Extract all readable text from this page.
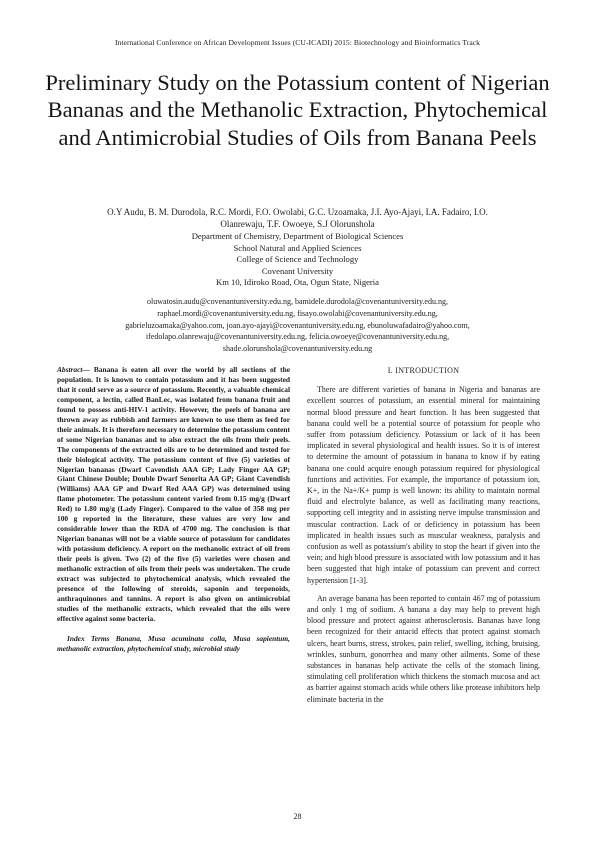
International Conference on African Development Issues (CU-ICADI) 2015: Biotechnology and Bioinformatics Track
Preliminary Study on the Potassium content of Nigerian Bananas and the Methanolic Extraction, Phytochemical and Antimicrobial Studies of Oils from Banana Peels
O.Y Audu, B. M. Durodola, R.C. Mordi, F.O. Owolabi, G.C. Uzoamaka, J.I. Ayo-Ajayi, I.A. Fadairo, I.O.
Olanrewaju, T.F. Owoeye, S.J Olorunshola
Department of Chemistry, Department of Biological Sciences
School Natural and Applied Sciences
College of Science and Technology
Covenant University
Km 10, Idiroko Road, Ota, Ogun State, Nigeria
oluwatosin.audu@covenantuniversity.edu.ng, bamidele.durodola@covenantuniversity.edu.ng,
raphael.mordi@covenantuniversity.edu.ng, fisayo.owolabi@covenantuniversity.edu.ng,
gabrieluzoamaka@yahoo.com, joan.ayo-ajayi@covenantuniversity.edu.ng, ebunoluwafadairo@yahoo.com,
ifedolapo.olanrewaju@covenantuniversity.edu.ng, felicia.owoeye@covenantuniversity.edu.ng,
shade.olorunshola@covenantuniversity.edu.ng

Abstract— Banana is eaten all over the world by all sections of the population. It is known to contain potassium and it has been suggested that it could serve as a source of potassium. Recently, a valuable chemical component, a lectin, called BanLec, was isolated from banana fruit and found to possess anti-HIV-1 activity. However, the peels of banana are thrown away as rubbish and farmers are known to use them as feed for their animals. It is therefore necessary to determine the potassium content of some Nigerian bananas and to also extract the oils from their peels. The components of the extracted oils are to be determined and tested for their biological activity. The potassium content of five (5) varieties of Nigerian bananas (Dwarf Cavendish AAA GP; Lady Finger AA GP; Giant Chinese Double; Double Dwarf Senorita AA GP; Giant Cavendish (Williams) AAA GP and Dwarf Red AAA GP) was determined using flame photometer. The potassium content varied from 0.15 mg/g (Dwarf Red) to 1.80 mg/g (Lady Finger). Compared to the value of 358 mg per 100 g reported in the literature, these values are very low and considerable lower than the RDA of 4700 mg. The conclusion is that Nigerian bananas will not be a viable source of potassium for candidates with potassium deficiency. A report on the methanolic extract of oil from their peels is given. Two (2) of the five (5) varieties were chosen and methanolic extraction of oils from their peels was undertaken. The crude extract was subjected to phytochemical analysis, which revealed the presence of the following of steroids, saponin and terpenoids, anthraquinones and tannins. A report is also given on antimicrobial studies of the methanolic extracts, which revealed that the oils were effective against some bacteria.

Index Terms Banana, Musa acuminata colla, Musa sapientum, methanolic extraction, phytochemical study, microbial study

I. INTRODUCTION

There are different varieties of banana in Nigeria and bananas are excellent sources of potassium, an essential mineral for maintaining normal blood pressure and heart function. It has been suggested that banana could well be a potential source of potassium for people who suffer from potassium deficiency. Potassium or lack of it has been implicated in several physiological and health issues. So it is of interest to determine the amount of potassium in banana to know if by eating banana one could acquire enough potassium required for physiological functions and activities. For example, the importance of potassium ion, K+, in the Na+/K+ pump is well known: its ability to maintain normal fluid and electrolyte balance, as well as facilitating many reactions, supporting cell integrity and in assisting nerve impulse transmission and muscular contraction. Lack of or deficiency in potassium has been implicated in health issues such as muscular weakness, paralysis and confusion as well as potassium's ability to stop the heart if given into the vein; and high blood pressure is associated with low potassium and it has been suggested that high intake of potassium can prevent and correct hypertension [1-3].

An average banana has been reported to contain 467 mg of potassium and only 1 mg of sodium. A banana a day may help to prevent high blood pressure and protect against atherosclerosis. Bananas have long been recognized for their antacid effects that protect against stomach ulcers, heart burns, stress, strokes, pain relief, swelling, itching, bruising, wrinkles, sunburn, gonorrhea and many other ailments. Some of these substances in bananas help activate the cells of the stomach lining, stimulating cell proliferation which thickens the stomach mucosa and act as barrier against stomach acids while others like protease inhibitors help eliminate bacteria in the

28
